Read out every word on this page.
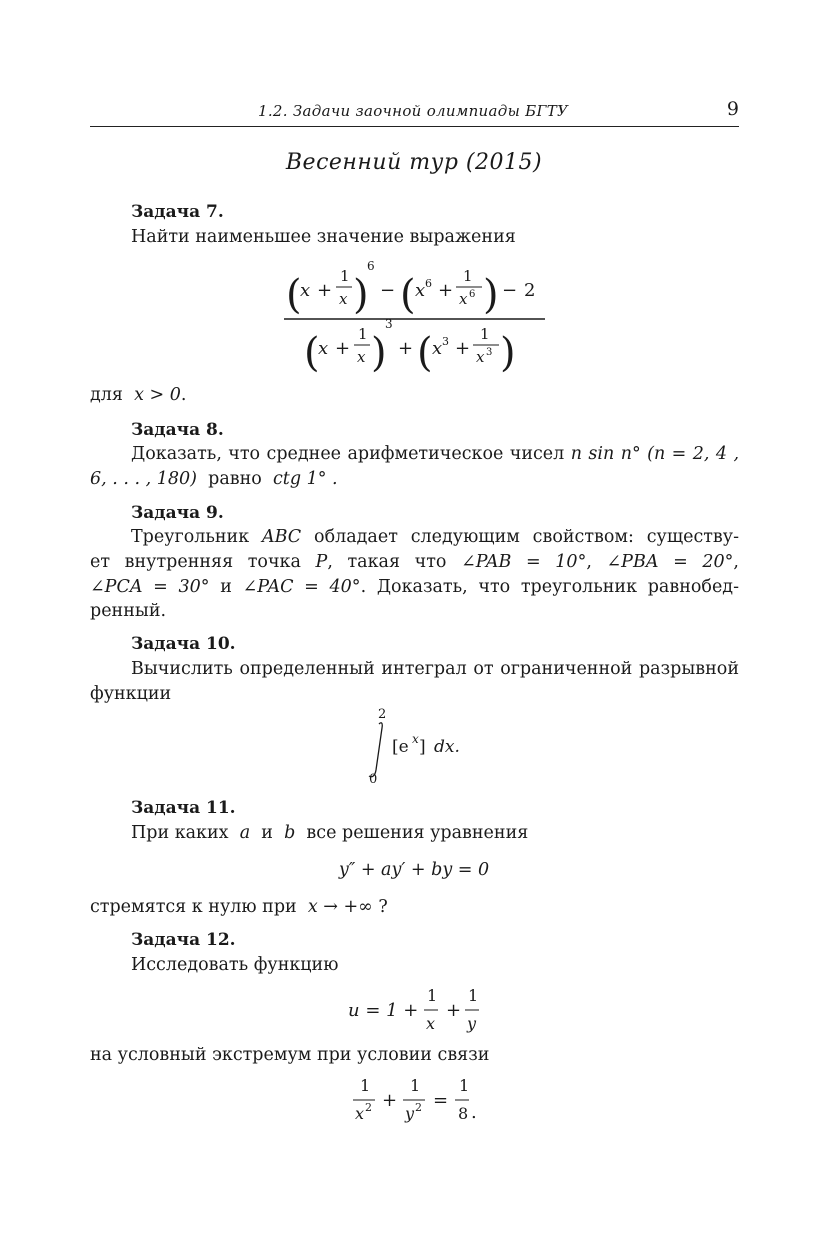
1.2. Задачи заочной олимпиады БГТУ	9
Весенний тур (2015)
Задача 7.
Найти наименьшее значение выражения
(
x +
1
x )
6
− ( x 6 +
1
x 6 ) − 2
(
x +
1
x )
3
+ ( x 3 +
1
x 3 )
для x > 0.
Задача 8.
Доказать, что среднее арифметическое чисел n sin n° (n = 2, 4 ,
6, . . . , 180) равно ctg 1° .
Задача 9.
Треугольник ABC обладает следующим свойством: существу-
ет внутренняя точка P, такая что ∠PAB = 10°, ∠PBA = 20°,
∠PCA = 30° и ∠PAC = 40°. Доказать, что треугольник равнобед-
ренный.
Задача 10.
Вычислить определенный интеграл от ограниченной разрывной
функции
2
0
[e x ] dx.
Задача 11.
При каких a и b все решения уравнения
y″ + ay′ + by = 0
стремятся к нулю при x → +∞ ?
Задача 12.
Исследовать функцию
u = 1 +
1
x
+
1
y
на условный экстремум при условии связи
1
x 2 +
1
y 2 =
1
8 .
